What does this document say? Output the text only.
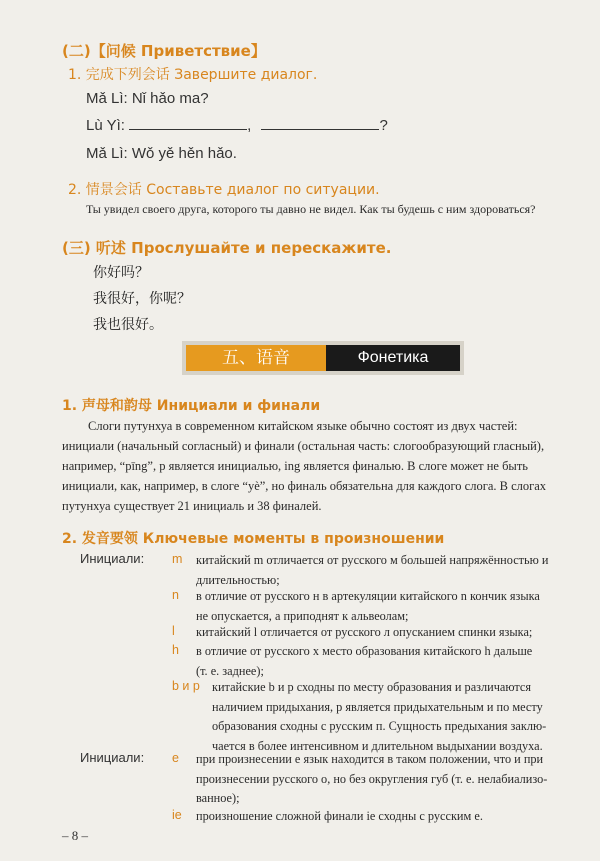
(二)【问候 Приветствие】
1. 完成下列会话 Завершите диалог.
Mǎ Lì: Nǐ hǎo ma?
Lù Yì:	,	?
Mǎ Lì: Wǒ yě hěn hǎo.
2. 情景会话 Составьте диалог по ситуации.
Ты увидел своего друга, которого ты давно не видел. Как ты будешь с ним здороваться?
(三) 听述 Прослушайте и перескажите.
你好吗？
我很好，你呢？
我也很好。
五、语音	Фонетика
1. 声母和韵母 Инициали и финали
Слоги путунхуа в современном китайском языке обычно состоят из двух частей:
инициали (начальный согласный) и финали (остальная часть: слогообразующий гласный),
например, “pīng”, p является инициалью, ing является финалью. В слоге может не быть
инициали, как, например, в слоге “yè”, но финаль обязательна для каждого слога. В слогах
путунхуа существует 21 инициаль и 38 финалей.
2. 发音要领 Ключевые моменты в произношении
Инициали: m китайский m отличается от русского м большей напряжённостью и
длительностью;
n в отличие от русского н в артекуляции китайского n кончик языка
не опускается, а приподнят к альвеолам;
l китайский l отличается от русского л опусканием спинки языка;
h в отличие от русского х место образования китайского h дальше
(т. е. заднее);
b и p китайские b и p сходны по месту образования и различаются
наличием придыхания, p является придыхательным и по месту
образования сходны с русским п. Сущность предыхания заклю-
чается в более интенсивном и длительном выдыхании воздуха.
Инициали: e при произнесении e язык находится в таком положении, что и при
произнесении русского о, но без округления губ (т. е. нелабиализо-
ванное);
ie произношение сложной финали ie сходны с русским е.
– 8 –
